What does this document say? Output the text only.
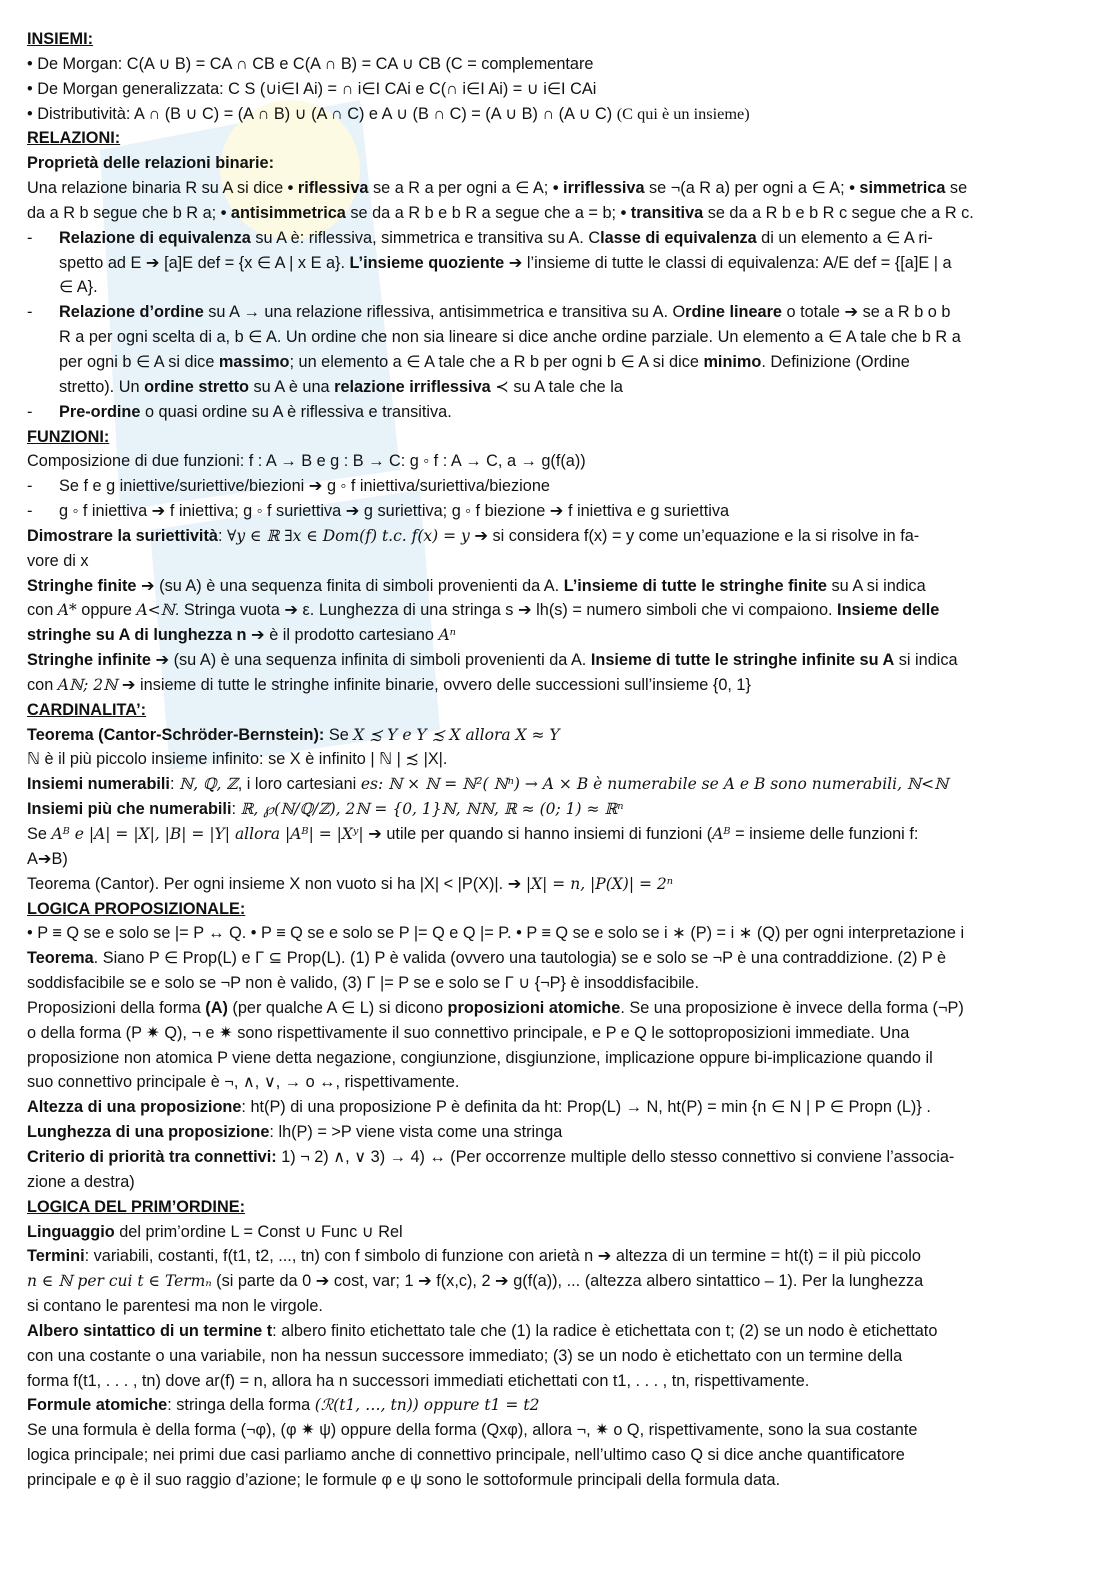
INSIEMI:
• De Morgan: C(A ∪ B) = CA ∩ CB e C(A ∩ B) = CA ∪ CB (C = complementare
• De Morgan generalizzata: C S (∪i∈I Ai) = ∩ i∈I CAi e C(∩ i∈I Ai) = ∪ i∈I CAi
• Distributività: A ∩ (B ∪ C) = (A ∩ B) ∪ (A ∩ C) e A ∪ (B ∩ C) = (A ∪ B) ∩ (A ∪ C) (C qui è un insieme)
RELAZIONI:
Proprietà delle relazioni binarie:
Una relazione binaria R su A si dice • riflessiva se a R a per ogni a ∈ A; • irriflessiva se ¬(a R a) per ogni a ∈ A; • simmetrica se
da a R b segue che b R a; • antisimmetrica se da a R b e b R a segue che a = b; • transitiva se da a R b e b R c segue che a R c.
- Relazione di equivalenza su A è: riflessiva, simmetrica e transitiva su A. Classe di equivalenza di un elemento a ∈ A ri-
spetto ad E ➔ [a]E def = {x ∈ A | x E a}. L’insieme quoziente ➔ l’insieme di tutte le classi di equivalenza: A/E def = {[a]E | a
∈ A}.
- Relazione d’ordine su A → una relazione riflessiva, antisimmetrica e transitiva su A. Ordine lineare o totale ➔ se a R b o b
R a per ogni scelta di a, b ∈ A. Un ordine che non sia lineare si dice anche ordine parziale. Un elemento a ∈ A tale che b R a
per ogni b ∈ A si dice massimo; un elemento a ∈ A tale che a R b per ogni b ∈ A si dice minimo. Definizione (Ordine
stretto). Un ordine stretto su A è una relazione irriflessiva ≺ su A tale che la
- Pre-ordine o quasi ordine su A è riflessiva e transitiva.
FUNZIONI:
Composizione di due funzioni: f : A → B e g : B → C: g ◦ f : A → C, a → g(f(a))
- Se f e g iniettive/suriettive/biezioni ➔ g ◦ f iniettiva/suriettiva/biezione
- g ◦ f iniettiva ➔ f iniettiva; g ◦ f suriettiva ➔ g suriettiva; g ◦ f biezione ➔ f iniettiva e g suriettiva
Dimostrare la suriettività: ∀y ∈ ℝ ∃x ∈ Dom(f) t.c. f(x) = y ➔ si considera f(x) = y come un’equazione e la si risolve in fa-
vore di x
Stringhe finite ➔ (su A) è una sequenza finita di simboli provenienti da A. L’insieme di tutte le stringhe finite su A si indica
con A* oppure A<ℕ. Stringa vuota ➔ ε. Lunghezza di una stringa s ➔ lh(s) = numero simboli che vi compaiono. Insieme delle
stringhe su A di lunghezza n ➔ è il prodotto cartesiano Aⁿ
Stringhe infinite ➔ (su A) è una sequenza infinita di simboli provenienti da A. Insieme di tutte le stringhe infinite su A si indica
con Aℕ; 2ℕ ➔ insieme di tutte le stringhe infinite binarie, ovvero delle successioni sull’insieme {0, 1}
CARDINALITA’:
Teorema (Cantor-Schröder-Bernstein): Se X ≾ Y e Y ≾ X allora X ≈ Y
ℕ è il più piccolo insieme infinito: se X è infinito | ℕ | ≾ |X|.
Insiemi numerabili: ℕ, ℚ, ℤ, i loro cartesiani es: ℕ × ℕ = ℕ²( ℕⁿ) → A × B è numerabile se A e B sono numerabili, ℕ<ℕ
Insiemi più che numerabili: ℝ, ℘(ℕ/ℚ/ℤ), 2ℕ = {0, 1}ℕ, ℕℕ, ℝ ≈ (0; 1) ≈ ℝⁿ
Se Aᴮ e |A| = |X|, |B| = |Y| allora |Aᴮ| = |Xʸ| ➔ utile per quando si hanno insiemi di funzioni (Aᴮ = insieme delle funzioni f:
A➔B)
Teorema (Cantor). Per ogni insieme X non vuoto si ha |X| < |P(X)|. ➔ |X| = n, |P(X)| = 2ⁿ
LOGICA PROPOSIZIONALE:
• P ≡ Q se e solo se |= P ↔ Q. • P ≡ Q se e solo se P |= Q e Q |= P. • P ≡ Q se e solo se i ∗ (P) = i ∗ (Q) per ogni interpretazione i
Teorema. Siano P ∈ Prop(L) e Γ ⊆ Prop(L). (1) P è valida (ovvero una tautologia) se e solo se ¬P è una contraddizione. (2) P è
soddisfacibile se e solo se ¬P non è valido, (3) Γ |= P se e solo se Γ ∪ {¬P} è insoddisfacibile.
Proposizioni della forma (A) (per qualche A ∈ L) si dicono proposizioni atomiche. Se una proposizione è invece della forma (¬P)
o della forma (P ✷ Q), ¬ e ✷ sono rispettivamente il suo connettivo principale, e P e Q le sottoproposizioni immediate. Una
proposizione non atomica P viene detta negazione, congiunzione, disgiunzione, implicazione oppure bi-implicazione quando il
suo connettivo principale è ¬, ∧, ∨, → o ↔, rispettivamente.
Altezza di una proposizione: ht(P) di una proposizione P è definita da ht: Prop(L) → N, ht(P) = min {n ∈ N | P ∈ Propn (L)} .
Lunghezza di una proposizione: lh(P) = >P viene vista come una stringa
Criterio di priorità tra connettivi: 1) ¬ 2) ∧, ∨ 3) → 4) ↔ (Per occorrenze multiple dello stesso connettivo si conviene l’associa-
zione a destra)
LOGICA DEL PRIM’ORDINE:
Linguaggio del prim’ordine L = Const ∪ Func ∪ Rel
Termini: variabili, costanti, f(t1, t2, ..., tn) con f simbolo di funzione con arietà n ➔ altezza di un termine = ht(t) = il più piccolo
n ∈ ℕ per cui t ∈ Termₙ (si parte da 0 ➔ cost, var; 1 ➔ f(x,c), 2 ➔ g(f(a)), ... (altezza albero sintattico – 1). Per la lunghezza
si contano le parentesi ma non le virgole.
Albero sintattico di un termine t: albero finito etichettato tale che (1) la radice è etichettata con t; (2) se un nodo è etichettato
con una costante o una variabile, non ha nessun successore immediato; (3) se un nodo è etichettato con un termine della
forma f(t1, . . . , tn) dove ar(f) = n, allora ha n successori immediati etichettati con t1, . . . , tn, rispettivamente.
Formule atomiche: stringa della forma (ℛ(t1, …, tn)) oppure t1 = t2
Se una formula è della forma (¬φ), (φ ✷ ψ) oppure della forma (Qxφ), allora ¬, ✷ o Q, rispettivamente, sono la sua costante
logica principale; nei primi due casi parliamo anche di connettivo principale, nell’ultimo caso Q si dice anche quantificatore
principale e φ è il suo raggio d’azione; le formule φ e ψ sono le sottoformule principali della formula data.
